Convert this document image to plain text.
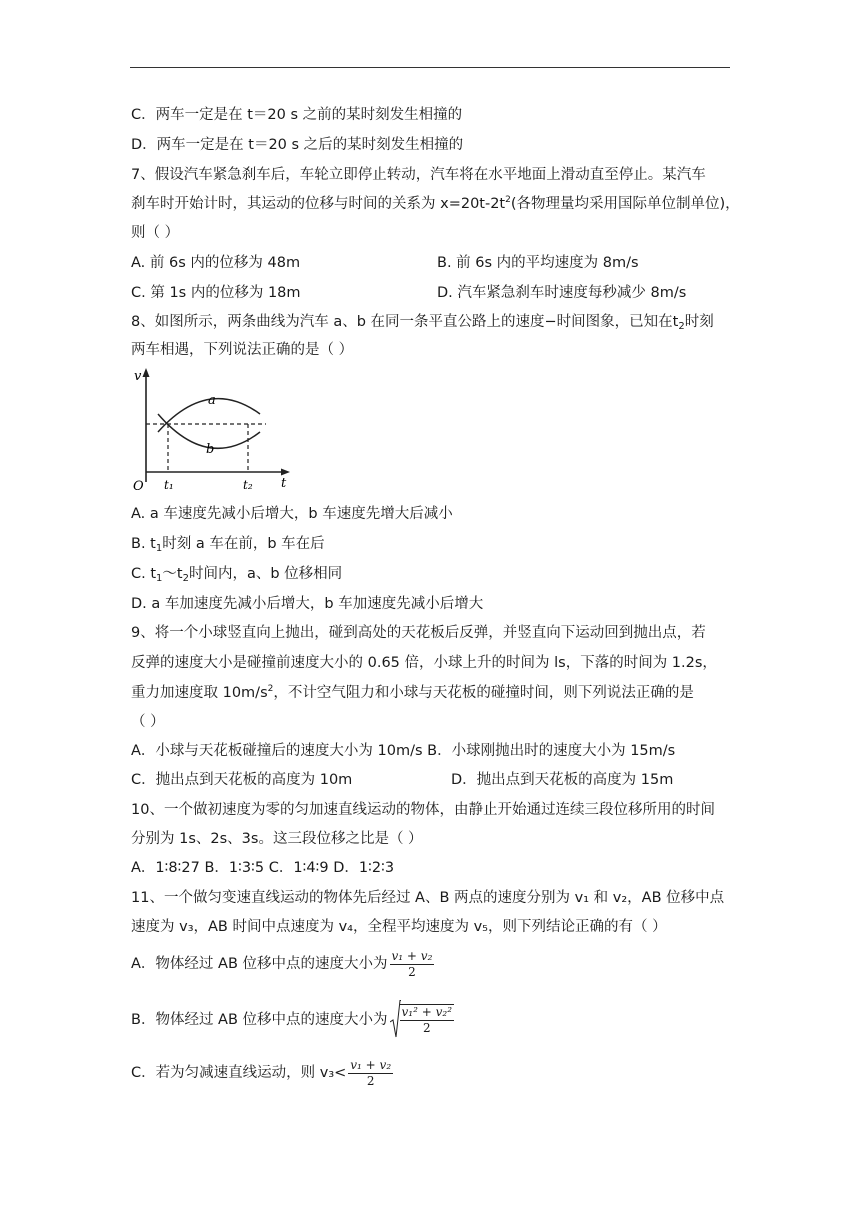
C．两车一定是在 t＝20 s 之前的某时刻发生相撞的
D．两车一定是在 t＝20 s 之后的某时刻发生相撞的
7、假设汽车紧急刹车后，车轮立即停止转动，汽车将在水平地面上滑动直至停止。某汽车
刹车时开始计时，其运动的位移与时间的关系为 $x=20t-2t^2$(各物理量均采用国际单位制单位)，
则（ ）
A. 前 6s 内的位移为 48m	B. 前 6s 内的平均速度为 8m/s
C. 第 1s 内的位移为 18m	D. 汽车紧急刹车时速度每秒减少 8m/s
8、如图所示，两条曲线为汽车 a、b 在同一条平直公路上的速度−时间图象，已知在$t_2$时刻
两车相遇，下列说法正确的是（ ）
v
t
O
a
b
t₁	t₂
A. a 车速度先减小后增大，b 车速度先增大后减小
B. $t_1$时刻 a 车在前，b 车在后
C. $t_1\sim t_2$时间内，a、b 位移相同
D. a 车加速度先减小后增大，b 车加速度先减小后增大
9、将一个小球竖直向上抛出，碰到高处的天花板后反弹，并竖直向下运动回到抛出点，若
反弹的速度大小是碰撞前速度大小的 0.65 倍，小球上升的时间为 ls，下落的时间为 1.2s，
重力加速度取 $10m/s^2$，不计空气阻力和小球与天花板的碰撞时间，则下列说法正确的是
（ ）
A．小球与天花板碰撞后的速度大小为 10m/s B．小球刚抛出时的速度大小为 15m/s
C．抛出点到天花板的高度为 10m	D．抛出点到天花板的高度为 15m
10、一个做初速度为零的匀加速直线运动的物体，由静止开始通过连续三段位移所用的时间
分别为 1s、2s、3s。这三段位移之比是（ ）
A．1∶8∶27 B．1∶3∶5 C．1∶4∶9 D．1∶2∶3
11、一个做匀变速直线运动的物体先后经过 A、B 两点的速度分别为 v₁ 和 v₂，AB 位移中点
速度为 v₃，AB 时间中点速度为 v₄，全程平均速度为 v₅，则下列结论正确的有（ ）
A．物体经过 AB 位移中点的速度大小为 $\frac{\text{v₁ + v₂}}{2}$
B．物体经过 AB 位移中点的速度大小为 $\frac{\text{v₁² + v₂²}}{2}$
C．若为匀减速直线运动，则 $v_3< \frac{\text{v₁ + v₂}}{2}$
